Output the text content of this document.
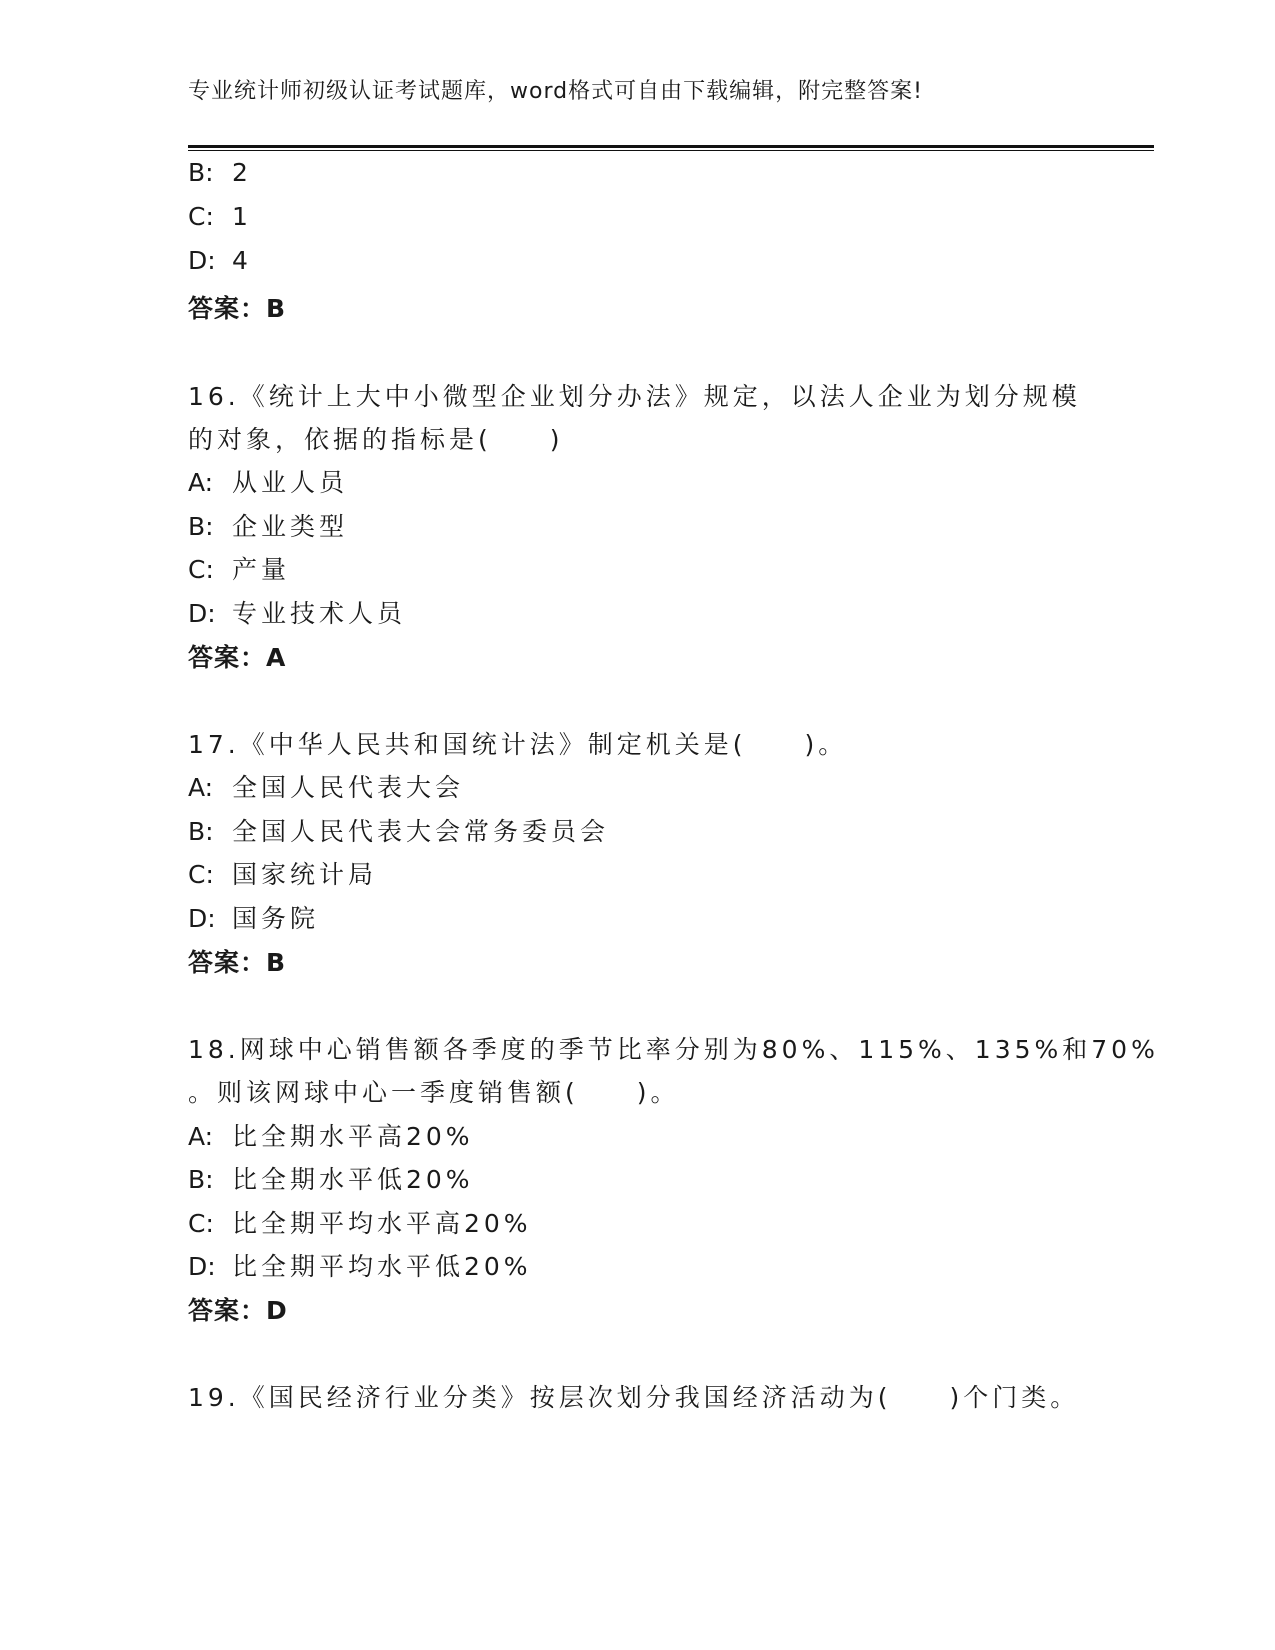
专业统计师初级认证考试题库，word格式可自由下载编辑，附完整答案!
B: 2
C: 1
D: 4
答案：B
16.《统计上大中小微型企业划分办法》规定，以法人企业为划分规模
的对象，依据的指标是(　　)
A: 从业人员
B: 企业类型
C: 产量
D: 专业技术人员
答案：A
17.《中华人民共和国统计法》制定机关是(　　)。
A: 全国人民代表大会
B: 全国人民代表大会常务委员会
C: 国家统计局
D: 国务院
答案：B
18.网球中心销售额各季度的季节比率分别为80%、115%、135%和70%
。则该网球中心一季度销售额(　　)。
A: 比全期水平高20%
B: 比全期水平低20%
C: 比全期平均水平高20%
D: 比全期平均水平低20%
答案：D
19.《国民经济行业分类》按层次划分我国经济活动为(　　)个门类。
